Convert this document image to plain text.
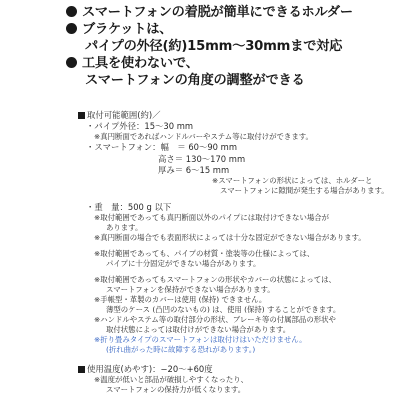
スマートフォンの着脱が簡単にできるホルダー
ブラケットは、
パイプの外径(約)15mm〜30mmまで対応
工具を使わないで、
スマートフォンの角度の調整ができる
取付可能範囲(約)／
・パイプ外径：15〜30 mm
※真円断面であればハンドルバーやステム等に取付けができます。
・スマートフォン：幅　＝ 60〜90 mm
高さ＝ 130〜170 mm
厚み＝ 6〜15 mm
※スマートフォンの形状によっては、ホルダーと
スマートフォンに隙間が発生する場合があります。
・重　量：500 g 以下
※取付範囲であっても真円断面以外のパイプには取付けできない場合が
あります。
※真円断面の場合でも表面形状によっては十分な固定ができない場合があります。
※取付範囲であっても、パイプの材質・塗装等の仕様によっては、
パイプに十分固定ができない場合があります。
※取付範囲であってもスマートフォンの形状やカバーの状態によっては、
スマートフォンを保持ができない場合があります。
※手帳型・革製のカバーは使用 (保持) できません。
薄型のケース (凸凹のないもの) は、使用 (保持) することができます。
※ハンドルやステム等の取付部分の形状、ブレーキ等の付属部品の形状や
取付状態によっては取付けができない場合があります。
※折り畳みタイプのスマートフォンは取付けはいただけません。
(折れ曲がった時に故障する恐れがあります。)
使用温度(めやす)：−20〜+60度
※温度が低いと部品が破損しやすくなったり、
スマートフォンの保持力が低くなります。
